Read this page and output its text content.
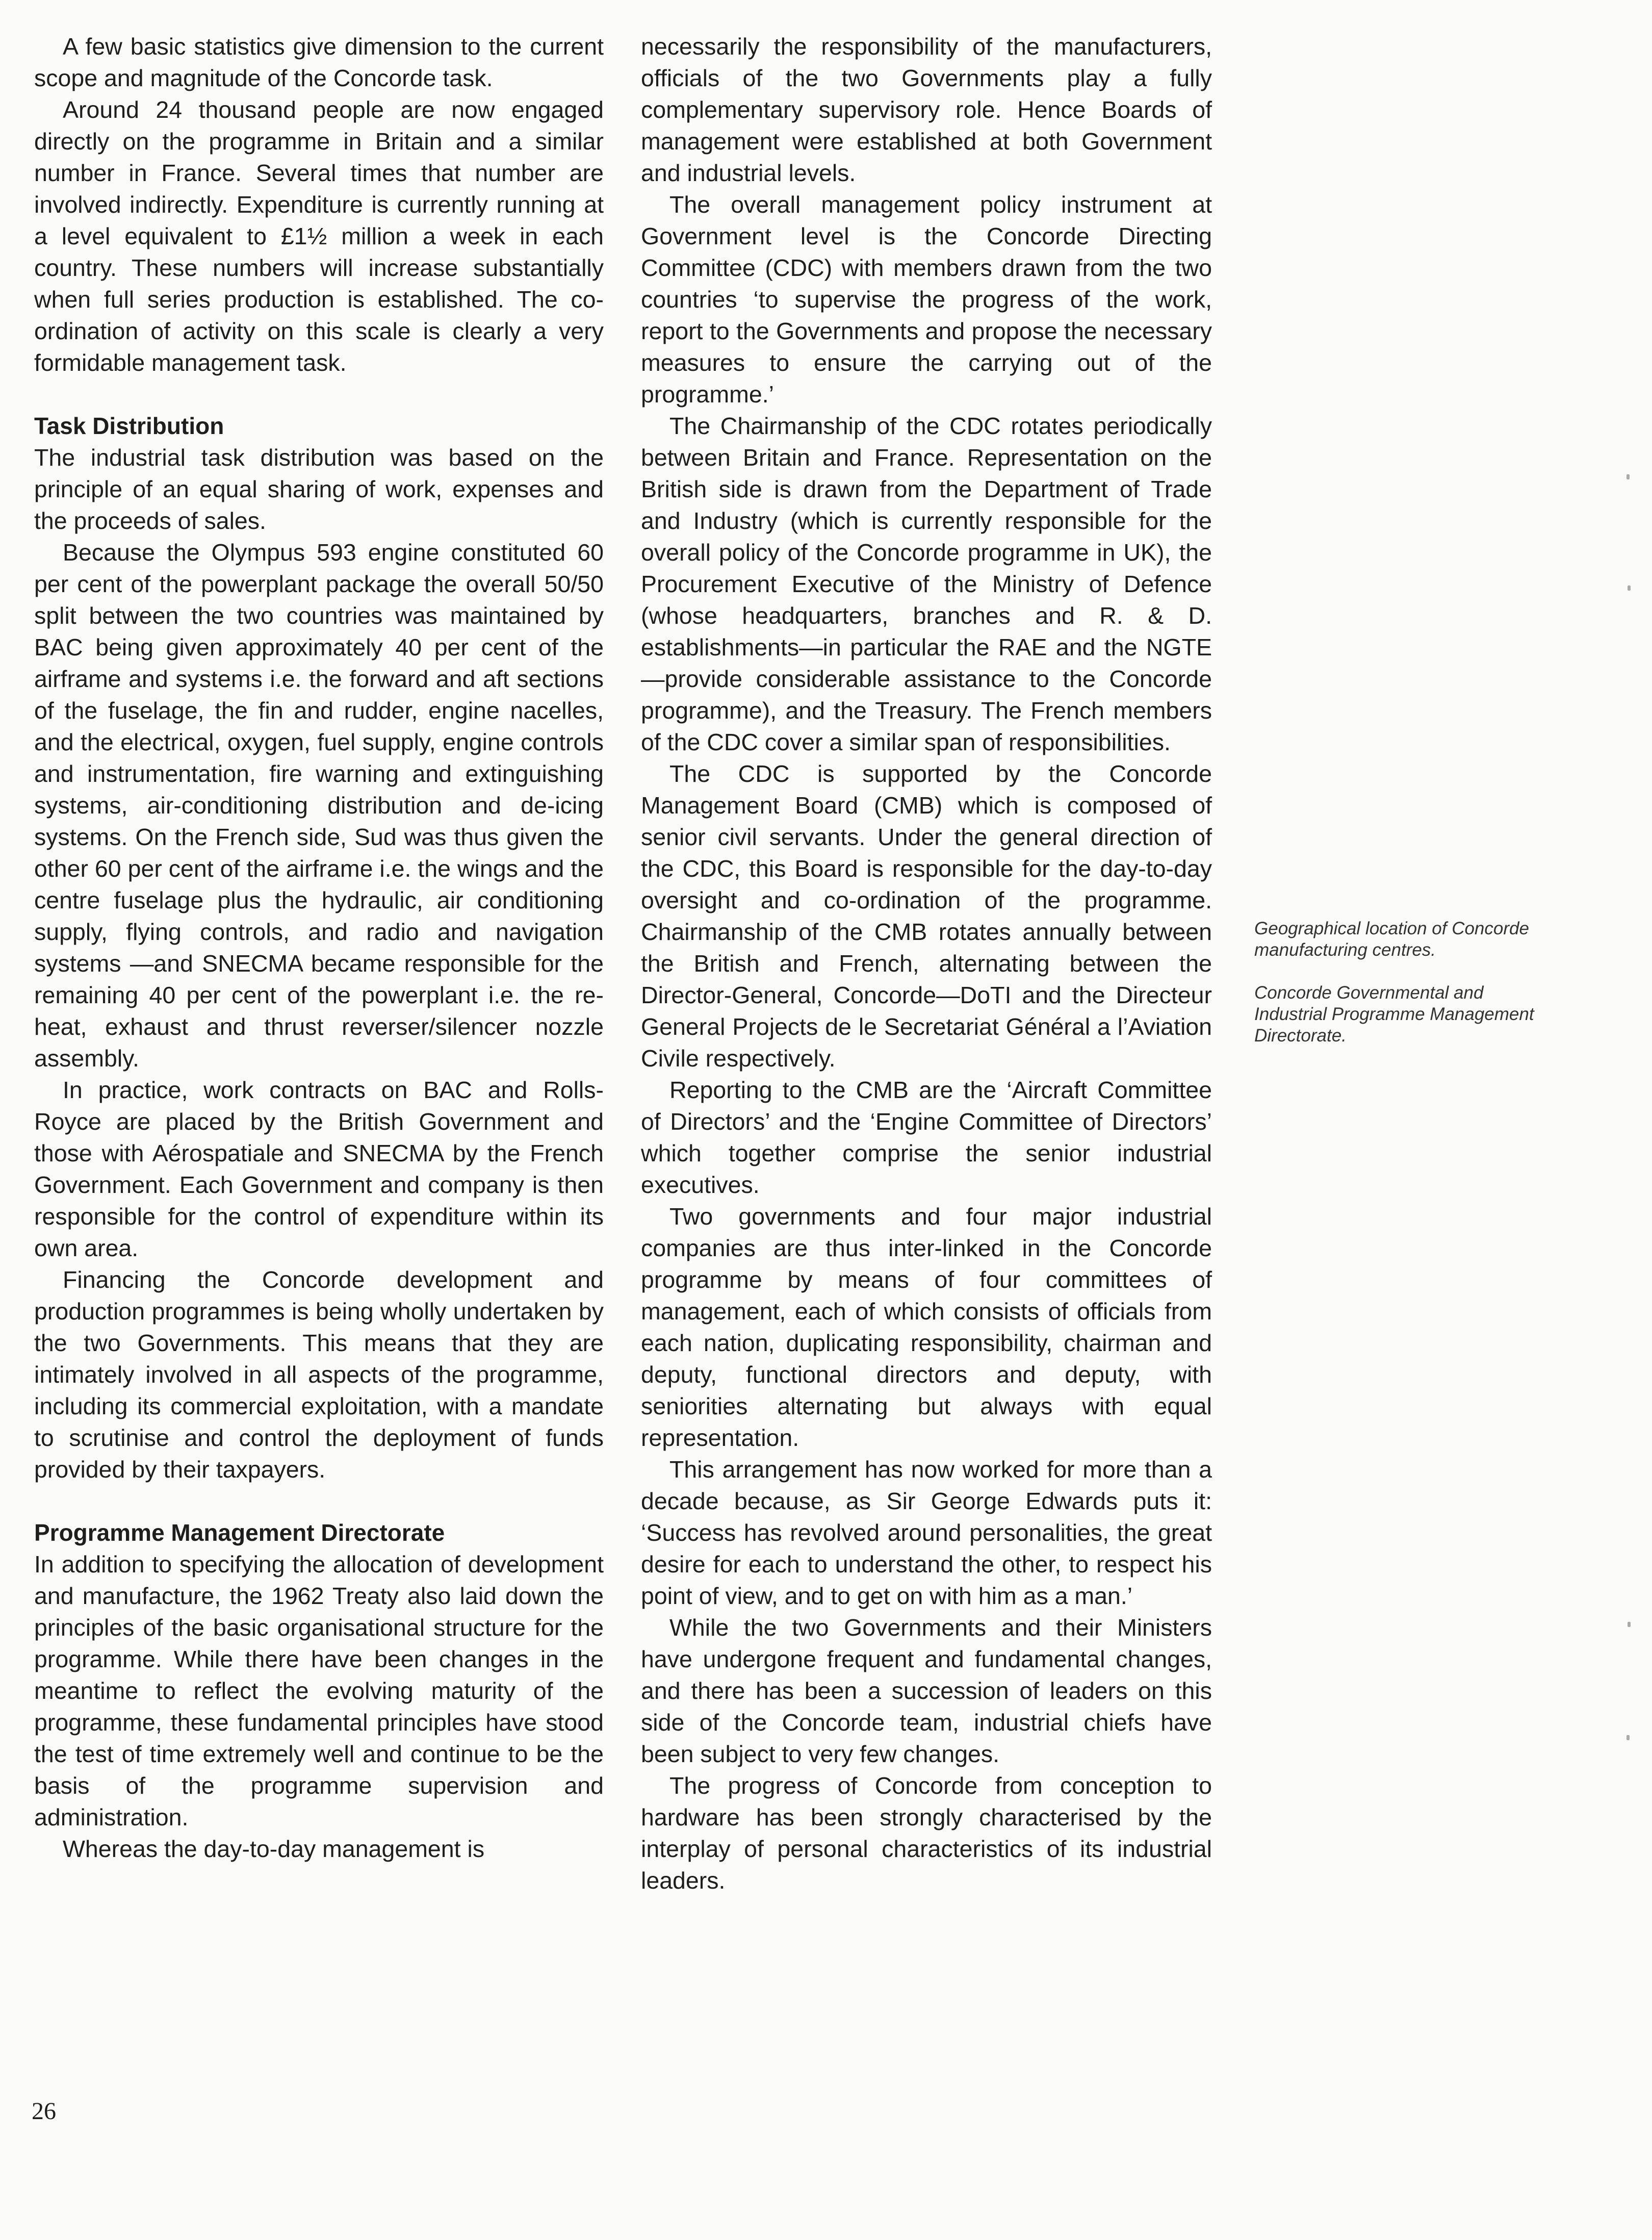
A few basic statistics give dimension to the current scope and magnitude of the Concorde task.

Around 24 thousand people are now engaged directly on the programme in Britain and a similar number in France. Several times that number are involved indirectly. Expenditure is currently running at a level equivalent to £1½ million a week in each country. These numbers will increase substantially when full series production is established. The co-ordination of activity on this scale is clearly a very formidable management task.

Task Distribution

The industrial task distribution was based on the principle of an equal sharing of work, expenses and the proceeds of sales.

Because the Olympus 593 engine constituted 60 per cent of the powerplant package the overall 50/50 split between the two countries was maintained by BAC being given approximately 40 per cent of the airframe and systems i.e. the forward and aft sections of the fuselage, the fin and rudder, engine nacelles, and the electrical, oxygen, fuel supply, engine controls and instrumentation, fire warning and extinguishing systems, air-conditioning distribution and de-icing systems. On the French side, Sud was thus given the other 60 per cent of the airframe i.e. the wings and the centre fuselage plus the hydraulic, air conditioning supply, flying controls, and radio and navigation systems —and SNECMA became responsible for the remaining 40 per cent of the powerplant i.e. the re-heat, exhaust and thrust reverser/silencer nozzle assembly.

In practice, work contracts on BAC and Rolls-Royce are placed by the British Government and those with Aérospatiale and SNECMA by the French Government. Each Government and company is then responsible for the control of expenditure within its own area.

Financing the Concorde development and production programmes is being wholly undertaken by the two Governments. This means that they are intimately involved in all aspects of the programme, including its commercial exploitation, with a mandate to scrutinise and control the deployment of funds provided by their taxpayers.

Programme Management Directorate

In addition to specifying the allocation of development and manufacture, the 1962 Treaty also laid down the principles of the basic organisational structure for the programme. While there have been changes in the meantime to reflect the evolving maturity of the programme, these fundamental principles have stood the test of time extremely well and continue to be the basis of the programme supervision and administration.

Whereas the day-to-day management is

necessarily the responsibility of the manufacturers, officials of the two Governments play a fully complementary supervisory role. Hence Boards of management were established at both Government and industrial levels.

The overall management policy instrument at Government level is the Concorde Directing Committee (CDC) with members drawn from the two countries ‘to supervise the progress of the work, report to the Governments and propose the necessary measures to ensure the carrying out of the programme.’

The Chairmanship of the CDC rotates periodically between Britain and France. Representation on the British side is drawn from the Department of Trade and Industry (which is currently responsible for the overall policy of the Concorde programme in UK), the Procurement Executive of the Ministry of Defence (whose headquarters, branches and R. & D. establishments—in particular the RAE and the NGTE—provide considerable assistance to the Concorde programme), and the Treasury. The French members of the CDC cover a similar span of responsibilities.

The CDC is supported by the Concorde Management Board (CMB) which is composed of senior civil servants. Under the general direction of the CDC, this Board is responsible for the day-to-day oversight and co-ordination of the programme. Chairmanship of the CMB rotates annually between the British and French, alternating between the Director-General, Concorde—DoTI and the Directeur General Projects de le Secretariat Général a l’Aviation Civile respectively.

Reporting to the CMB are the ‘Aircraft Committee of Directors’ and the ‘Engine Committee of Directors’ which together comprise the senior industrial executives.

Two governments and four major industrial companies are thus inter-linked in the Concorde programme by means of four committees of management, each of which consists of officials from each nation, duplicating responsibility, chairman and deputy, functional directors and deputy, with seniorities alternating but always with equal representation.

This arrangement has now worked for more than a decade because, as Sir George Edwards puts it: ‘Success has revolved around personalities, the great desire for each to understand the other, to respect his point of view, and to get on with him as a man.’

While the two Governments and their Ministers have undergone frequent and fundamental changes, and there has been a succession of leaders on this side of the Concorde team, industrial chiefs have been subject to very few changes.

The progress of Concorde from conception to hardware has been strongly characterised by the interplay of personal characteristics of its industrial leaders.

Geographical location of Concorde manufacturing centres.

Concorde Governmental and Industrial Programme Management Directorate.

26
